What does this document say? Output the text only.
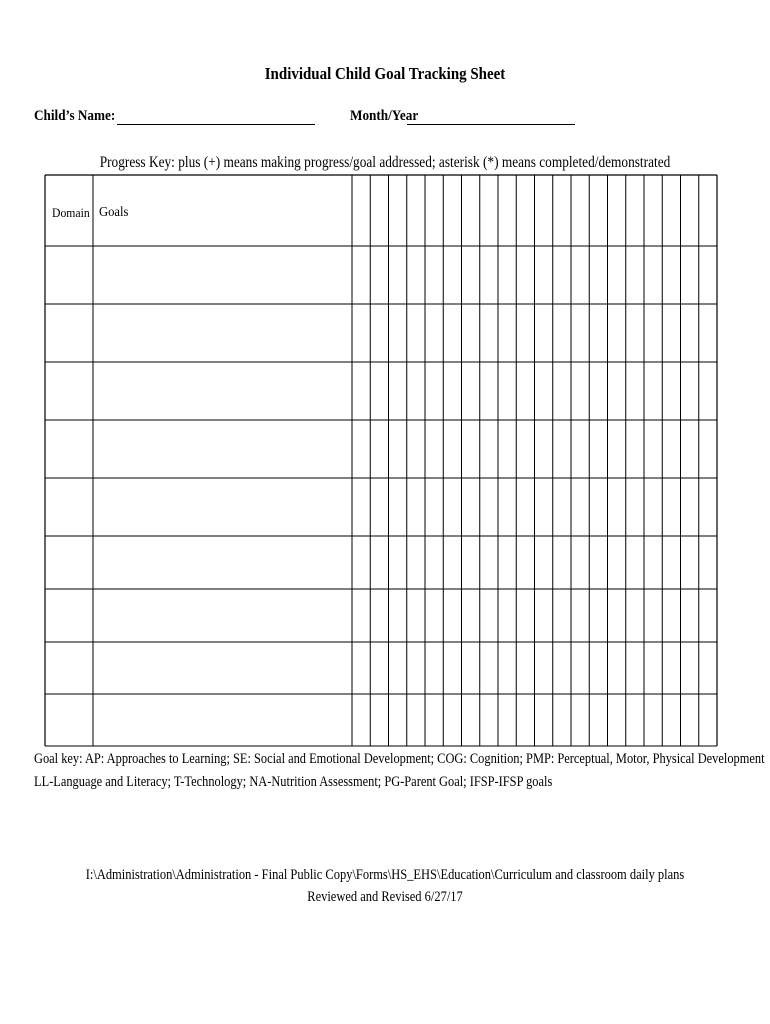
Individual Child Goal Tracking Sheet
Child’s Name:	Month/Year
Progress Key: plus (+) means making progress/goal addressed; asterisk (*) means completed/demonstrated
Domain Goals
Goal key: AP: Approaches to Learning; SE: Social and Emotional Development; COG: Cognition; PMP: Perceptual, Motor, Physical Development
LL-Language and Literacy; T-Technology; NA-Nutrition Assessment; PG-Parent Goal; IFSP-IFSP goals
I:\Administration\Administration - Final Public Copy\Forms\HS_EHS\Education\Curriculum and classroom daily plans
Reviewed and Revised 6/27/17
